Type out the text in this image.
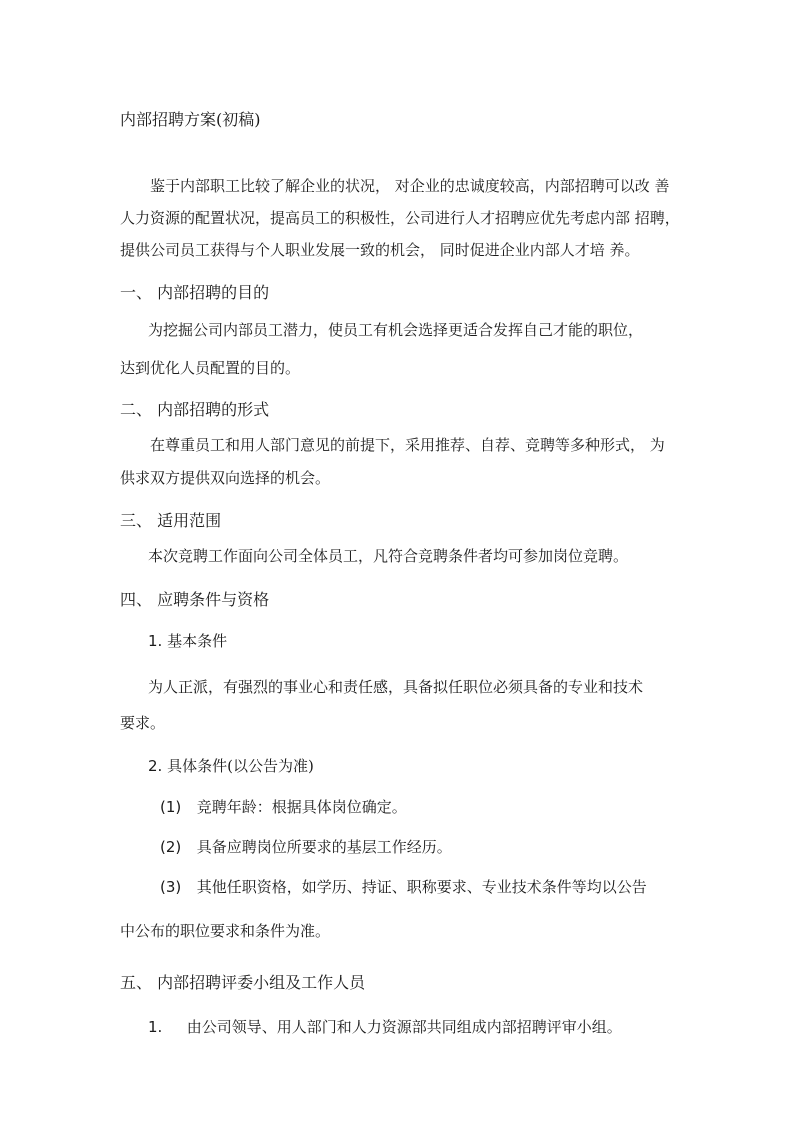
内部招聘方案(初稿)
鉴于内部职工比较了解企业的状况， 对企业的忠诚度较高，内部招聘可以改 善
人力资源的配置状况，提高员工的积极性，公司进行人才招聘应优先考虑内部 招聘，
提供公司员工获得与个人职业发展一致的机会， 同时促进企业内部人才培 养。
一、 内部招聘的目的
为挖掘公司内部员工潜力，使员工有机会选择更适合发挥自己才能的职位，
达到优化人员配置的目的。
二、 内部招聘的形式
在尊重员工和用人部门意见的前提下，采用推荐、自荐、竞聘等多种形式， 为
供求双方提供双向选择的机会。
三、 适用范围
本次竞聘工作面向公司全体员工，凡符合竞聘条件者均可参加岗位竞聘。
四、 应聘条件与资格
1. 基本条件
为人正派，有强烈的事业心和责任感，具备拟任职位必须具备的专业和技术
要求。
2. 具体条件(以公告为准)
(1) 竞聘年龄：根据具体岗位确定。
(2) 具备应聘岗位所要求的基层工作经历。
(3) 其他任职资格，如学历、持证、职称要求、专业技术条件等均以公告
中公布的职位要求和条件为准。
五、 内部招聘评委小组及工作人员
1. 由公司领导、用人部门和人力资源部共同组成内部招聘评审小组。
